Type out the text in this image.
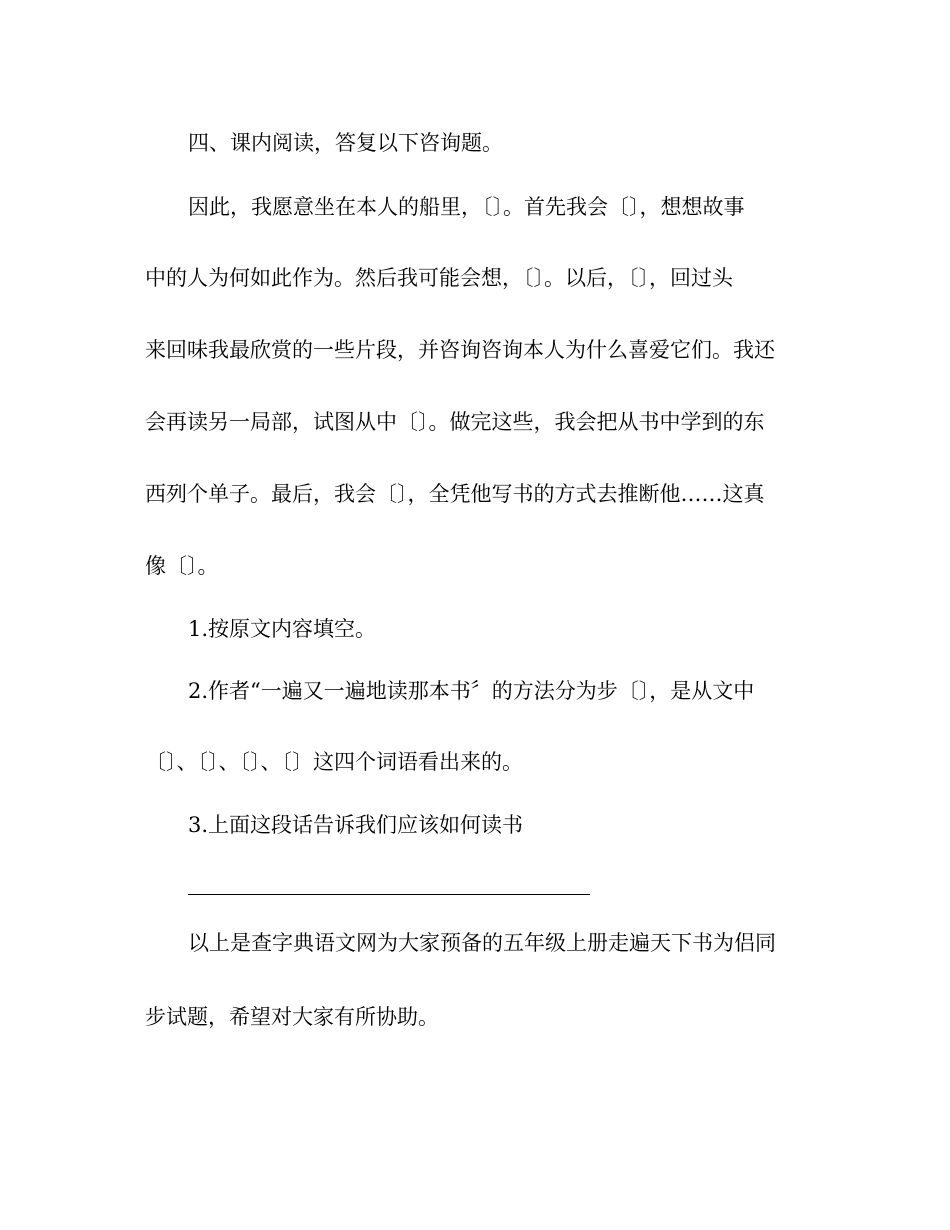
四、课内阅读，答复以下咨询题。
因此，我愿意坐在本人的船里，〔〕。首先我会〔〕，想想故事
中的人为何如此作为。然后我可能会想，〔〕。以后，〔〕，回过头
来回味我最欣赏的一些片段，并咨询咨询本人为什么喜爱它们。我还
会再读另一局部，试图从中〔〕。做完这些，我会把从书中学到的东
西列个单子。最后，我会〔〕，全凭他写书的方式去推断他……这真
像〔〕。
1.按原文内容填空。
2.作者“一遍又一遍地读那本书〞的方法分为步〔〕，是从文中
〔〕、〔〕、〔〕、〔〕这四个词语看出来的。
3.上面这段话告诉我们应该如何读书
以上是查字典语文网为大家预备的五年级上册走遍天下书为侣同
步试题，希望对大家有所协助。
